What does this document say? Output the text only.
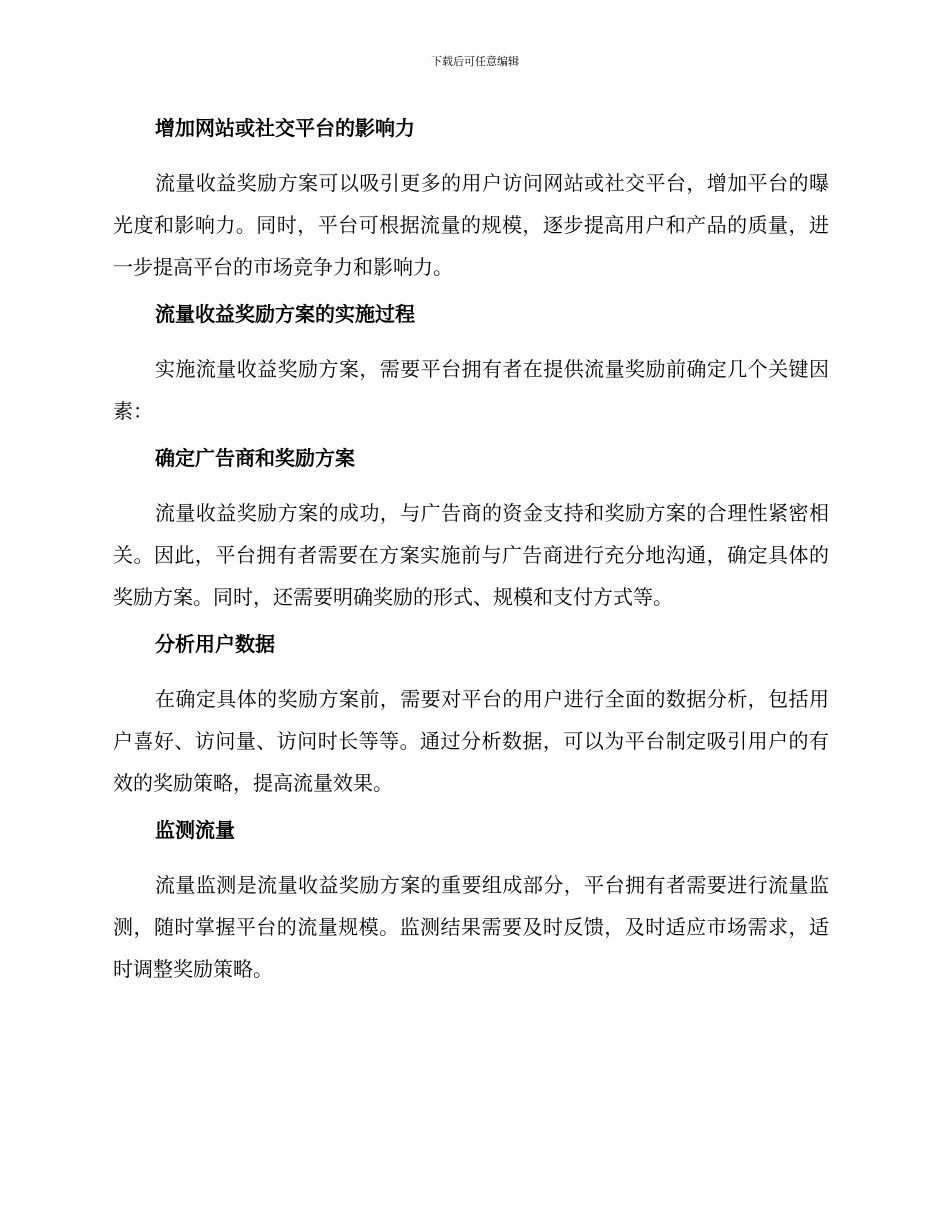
下载后可任意编辑
增加网站或社交平台的影响力

流量收益奖励方案可以吸引更多的用户访问网站或社交平台，增加平台的曝光度和影响力。同时，平台可根据流量的规模，逐步提高用户和产品的质量，进一步提高平台的市场竞争力和影响力。

流量收益奖励方案的实施过程

实施流量收益奖励方案，需要平台拥有者在提供流量奖励前确定几个关键因素：

确定广告商和奖励方案

流量收益奖励方案的成功，与广告商的资金支持和奖励方案的合理性紧密相关。因此，平台拥有者需要在方案实施前与广告商进行充分地沟通，确定具体的奖励方案。同时，还需要明确奖励的形式、规模和支付方式等。

分析用户数据

在确定具体的奖励方案前，需要对平台的用户进行全面的数据分析，包括用户喜好、访问量、访问时长等等。通过分析数据，可以为平台制定吸引用户的有效的奖励策略，提高流量效果。

监测流量

流量监测是流量收益奖励方案的重要组成部分，平台拥有者需要进行流量监测，随时掌握平台的流量规模。监测结果需要及时反馈，及时适应市场需求，适时调整奖励策略。
